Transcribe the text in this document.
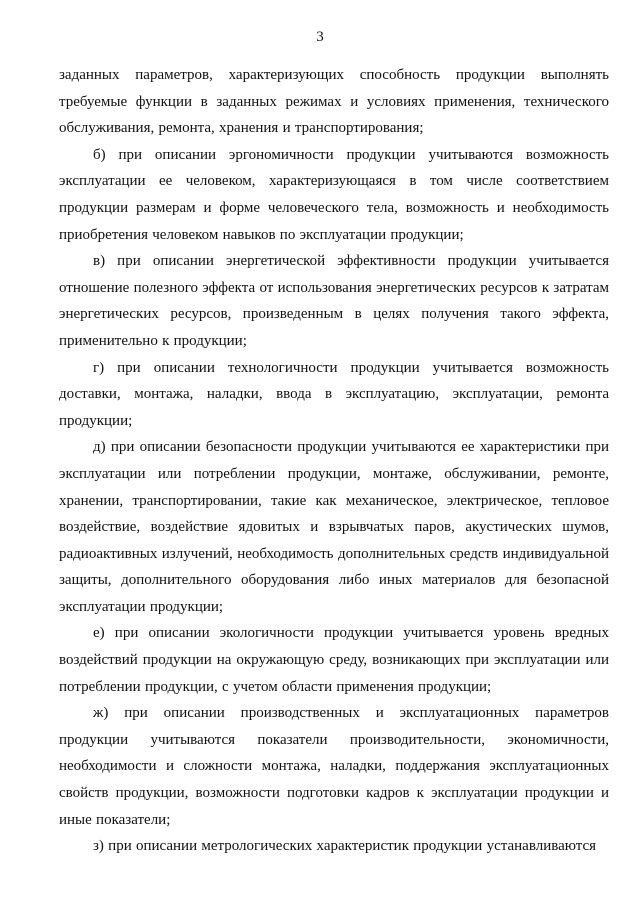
3

заданных параметров, характеризующих способность продукции выполнять требуемые функции в заданных режимах и условиях применения, технического обслуживания, ремонта, хранения и транспортирования;

б) при описании эргономичности продукции учитываются возможность эксплуатации ее человеком, характеризующаяся в том числе соответствием продукции размерам и форме человеческого тела, возможность и необходимость приобретения человеком навыков по эксплуатации продукции;

в) при описании энергетической эффективности продукции учитывается отношение полезного эффекта от использования энергетических ресурсов к затратам энергетических ресурсов, произведенным в целях получения такого эффекта, применительно к продукции;

г) при описании технологичности продукции учитывается возможность доставки, монтажа, наладки, ввода в эксплуатацию, эксплуатации, ремонта продукции;

д) при описании безопасности продукции учитываются ее характеристики при эксплуатации или потреблении продукции, монтаже, обслуживании, ремонте, хранении, транспортировании, такие как механическое, электрическое, тепловое воздействие, воздействие ядовитых и взрывчатых паров, акустических шумов, радиоактивных излучений, необходимость дополнительных средств индивидуальной защиты, дополнительного оборудования либо иных материалов для безопасной эксплуатации продукции;

е) при описании экологичности продукции учитывается уровень вредных воздействий продукции на окружающую среду, возникающих при эксплуатации или потреблении продукции, с учетом области применения продукции;

ж) при описании производственных и эксплуатационных параметров продукции учитываются показатели производительности, экономичности, необходимости и сложности монтажа, наладки, поддержания эксплуатационных свойств продукции, возможности подготовки кадров к эксплуатации продукции и иные показатели;

з) при описании метрологических характеристик продукции устанавливаются
